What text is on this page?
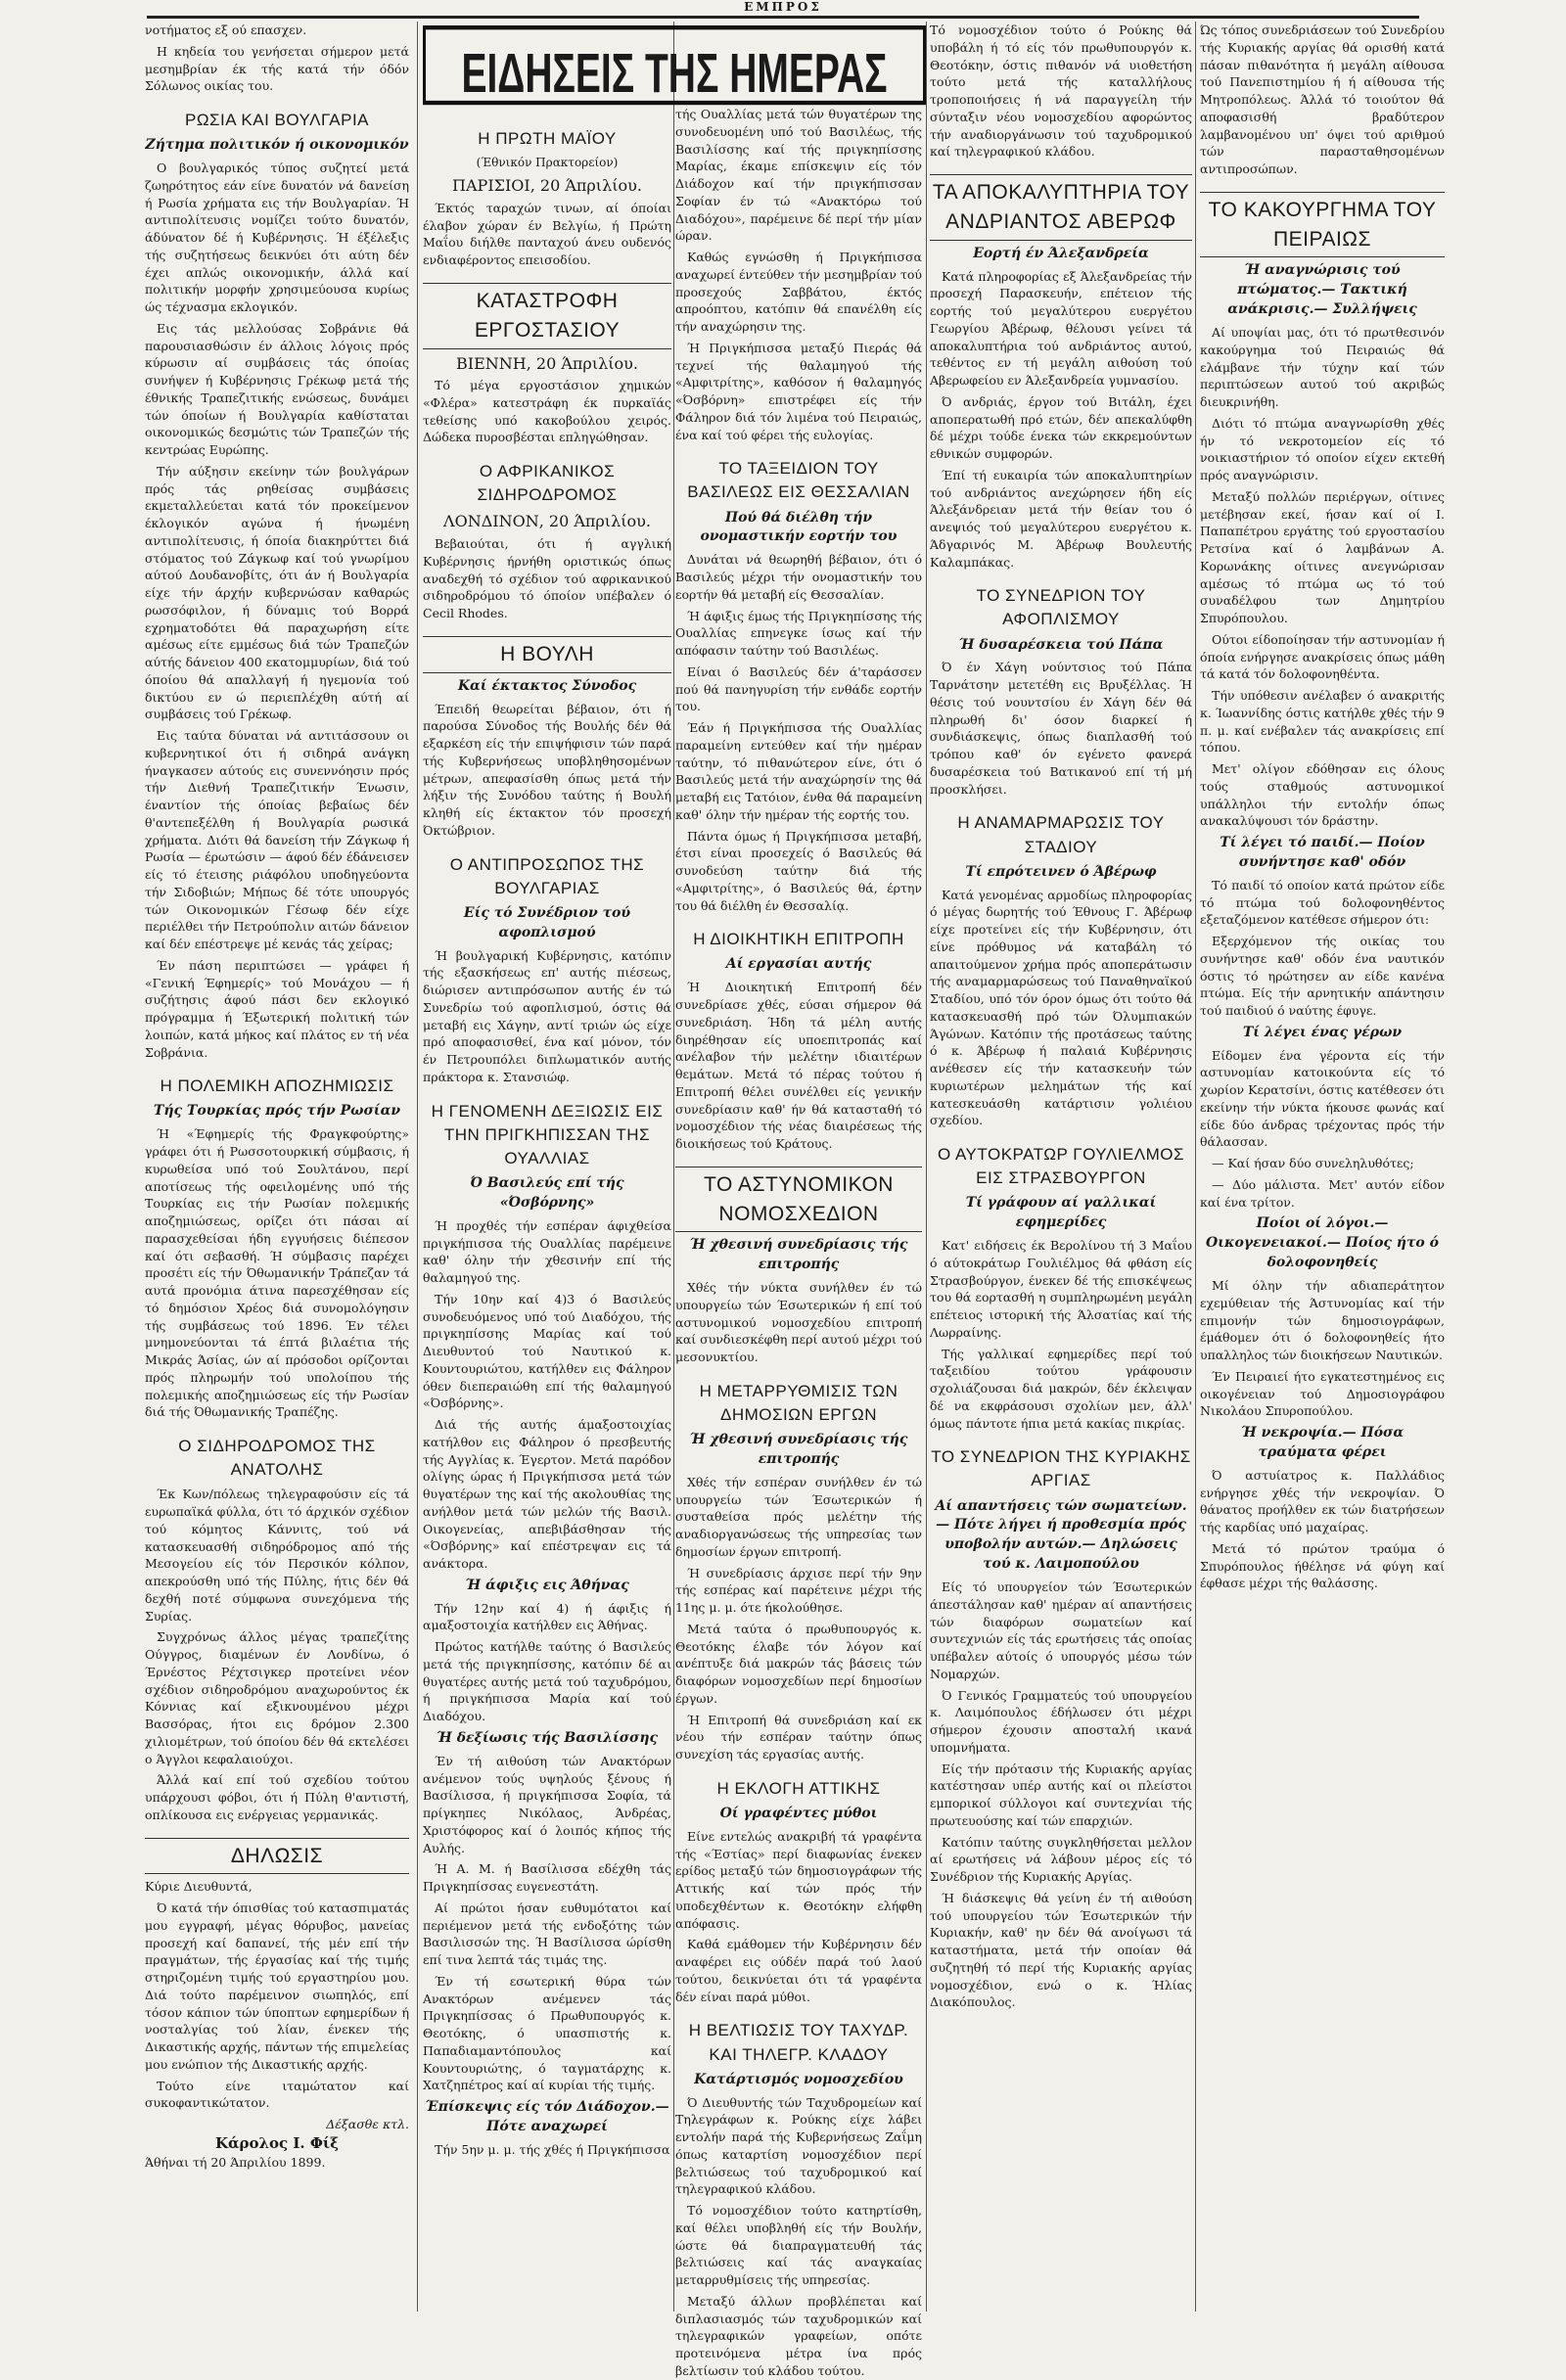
ΕΜΠΡΟΣ

νοτήματος εξ ού επασχεν.

Η κηδεία του γενήσεται σήμερον μετά μεσημβρίαν έκ τής κατά τήν όδόν Σόλωνος οικίας του.

ΡΩΣΙΑ ΚΑΙ ΒΟΥΛΓΑΡΙΑ
Ζήτημα πολιτικόν ή οικονομικόν

Ο βουλγαρικός τύπος συζητεί μετά ζωηρότητος εάν είνε δυνατόν νά δανείση ή Ρωσία χρήματα εις τήν Βουλγαρίαν. Ή αντιπολίτευσις νομίζει τούτο δυνατόν, άδύνατον δέ ή Κυβέρνησις. Ή έξέλεξις τής συζητήσεως δεικνύει ότι αύτη δέν έχει απλώς οικονομικήν, άλλά καί πολιτικήν μορφήν χρησιμεύουσα κυρίως ώς τέχνασμα εκλογικόν.

Εις τάς μελλούσας Σοβράνιε θά παρουσιασθώσιν έν άλλοις λόγοις πρός κύρωσιν αί συμβάσεις τάς όποίας συνήψεν ή Κυβέρνησις Γρέκωφ μετά τής έθνικής Τραπεζιτικής ενώσεως, δυνάμει τών όποίων ή Βουλγαρία καθίσταται οικονομικώς δεσμώτις τών Τραπεζών τής κεντρώας Ευρώπης.

Τήν αύξησιν εκείνην τών βουλγάρων πρός τάς ρηθείσας συμβάσεις εκμεταλλεύεται κατά τόν προκείμενον έκλογικόν αγώνα ή ήνωμένη αντιπολίτευσις, ή όποία διακηρύττει διά στόματος τού Ζάγκωφ καί τού γνωρίμου αύτού Δουδανοβίτς, ότι άν ή Βουλγαρία είχε τήν άρχήν κυβερνώσαν καθαρώς ρωσσόφιλον, ή δύναμις τού Βορρά εχρηματοδότει θά παραχωρήση είτε αμέσως είτε εμμέσως διά τών Τραπεζών αύτής δάνειον 400 εκατομμυρίων, διά τού όποίου θά απαλλαγή ή ηγεμονία τού δικτύου εν ώ περιεπλέχθη αύτή αί συμβάσεις τού Γρέκωφ.

Εις ταύτα δύναται νά αντιτάσσουν οι κυβερνητικοί ότι ή σιδηρά ανάγκη ήναγκασεν αύτούς εις συνεννόησιν πρός τήν Διεθνή Τραπεζιτικήν Ένωσιν, έναντίον τής όποίας βεβαίως δέν θ'αντεπεξέλθη ή Βουλγαρία ρωσικά χρήματα. Διότι θά δανείση τήν Ζάγκωφ ή Ρωσία — έρωτώσιν — άφού δέν έδάνεισεν είς τό έτεισης ριάφόλου υποδηγεύοντα τήν Σιδοβιών; Μήπως δέ τότε υπουργός τών Οικονομικών Γέσωφ δέν είχε περιέλθει τήν Πετρούπολιν αιτών δάνειον καί δέν επέστρεψε μέ κενάς τάς χείρας;

Έν πάση περιπτώσει — γράφει ή «Γενική Έφημερίς» τού Μονάχου — ή συζήτησις άφού πάσι δεν εκλογικό πρόγραμμα ή Έξωτερική πολιτική τών λοιπών, κατά μήκος καί πλάτος εν τή νέα Σοβράνια.

Η ΠΟΛΕΜΙΚΗ ΑΠΟΖΗΜΙΩΣΙΣ
Τής Τουρκίας πρός τήν Ρωσίαν

Ή «Έφημερίς τής Φραγκφούρτης» γράφει ότι ή Ρωσσοτουρκική σύμβασις, ή κυρωθείσα υπό τού Σουλτάνου, περί αποτίσεως τής οφειλομένης υπό τής Τουρκίας εις τήν Ρωσίαν πολεμικής αποζημιώσεως, ορίζει ότι πάσαι αί παρασχεθείσαι ήδη εγγυήσεις διέπεσον καί ότι σεβασθή. Ή σύμβασις παρέχει προσέτι είς τήν Όθωμανικήν Τράπεζαν τά αυτά προνόμια άτινα παρεσχέθησαν είς τό δημόσιον Χρέος διά συνομολόγησιν τής συμβάσεως τού 1896. Έν τέλει μνημονεύονται τά έπτά βιλαέτια τής Μικράς Άσίας, ών αί πρόσοδοι ορίζονται πρός πληρωμήν τού υπολοίπου τής πολεμικής αποζημιώσεως είς τήν Ρωσίαν διά τής Όθωμανικής Τραπέζης.

Ο ΣΙΔΗΡΟΔΡΟΜΟΣ ΤΗΣ ΑΝΑΤΟΛΗΣ

Έκ Κων/πόλεως τηλεγραφούσιν είς τά ευρωπαϊκά φύλλα, ότι τό άρχικόν σχέδιον τού κόμητος Κάννιτς, τού νά κατασκευασθή σιδηρόδρομος από τής Μεσογείου είς τόν Περσικόν κόλπον, απεκρούσθη υπό τής Πύλης, ήτις δέν θά δεχθή ποτέ σύμφωνα συνεχόμενα τής Συρίας.

Συγχρόνως άλλος μέγας τραπεζίτης Ούγγρος, διαμένων έν Λονδίνω, ό Έρνέστος Ρέχτσιγκερ προτείνει νέον σχέδιον σιδηροδρόμου αναχωρούντος έκ Κόννιας καί εξικνουμένου μέχρι Βασσόρας, ήτοι εις δρόμον 2.300 χιλιομέτρων, τού όποίου δέν θά εκτελέσει ο Άγγλοι κεφαλαιούχοι.

Άλλά καί επί τού σχεδίου τούτου υπάρχουσι φόβοι, ότι ή Πύλη θ'αντιστή, οπλίκουσα εις ενέργειας γερμανικάς.

ΔΗΛΩΣΙΣ

Κύριε Διευθυντά,

Ό κατά τήν όπισθίας τού κατασπιματάς μου εγγραφή, μέγας θόρυβος, μανείας προσεχή καί δαπανεί, τής μέν επί τήν πραγμάτων, τής έργασίας καί τής τιμής στηριζομένη τιμής τού εργαστηρίου μου. Διά τούτο παρέμεινον σιωπηλός, επί τόσον κάπιον τών ύποπτων εφημερίδων ή νοσταλγίας τού λίαν, ένεκεν τής Δικαστικής αρχής, πάντων τής επιμελείας μου ενώπιον τής Δικαστικής αρχής.

Τούτο είνε ιταμώτατον καί συκοφαντικώτατον.

Δέξασθε κτλ.
Κάρολος Ι. Φίξ
Άθήναι τή 20 Άπριλίου 1899.
ΕΙΔΗΣΕΙΣ ΤΗΣ ΗΜΕΡΑΣ
Η ΠΡΩΤΗ ΜΑΪΟΥ
(Έθνικόν Πρακτορείον)
ΠΑΡΙΣΙΟΙ, 20 Άπριλίου.

Έκτός ταραχών τινων, αί όποίαι έλαβον χώραν έν Βελγίω, ή Πρώτη Μαΐου διήλθε πανταχού άνευ ουδενός ενδιαφέροντος επεισοδίου.

ΚΑΤΑΣΤΡΟΦΗ ΕΡΓΟΣΤΑΣΙΟΥ
ΒΙΕΝΝΗ, 20 Άπριλίου.

Τό μέγα εργοστάσιον χημικών «Φλέρα» κατεστράφη έκ πυρκαϊάς τεθείσης υπό κακοβούλου χειρός. Δώδεκα πυροσβέσται επληγώθησαν.

Ο ΑΦΡΙΚΑΝΙΚΟΣ ΣΙΔΗΡΟΔΡΟΜΟΣ
ΛΟΝΔΙΝΟΝ, 20 Άπριλίου.

Βεβαιούται, ότι ή αγγλική Κυβέρνησις ήρνήθη οριστικώς όπως αναδεχθή τό σχέδιον τού αφρικανικού σιδηροδρόμου τό όποίον υπέβαλεν ό Cecil Rhodes.

Η ΒΟΥΛΗ
Καί έκτακτος Σύνοδος

Έπειδή θεωρείται βέβαιον, ότι ή παρούσα Σύνοδος τής Βουλής δέν θά εξαρκέση είς τήν επιψήφισιν τών παρά τής Κυβερνήσεως υποβληθησομένων μέτρων, απεφασίσθη όπως μετά τήν λήξιν τής Συνόδου ταύτης ή Βουλή κληθή είς έκτακτον τόν προσεχή Όκτώβριον.

Ο ΑΝΤΙΠΡΟΣΩΠΟΣ ΤΗΣ ΒΟΥΛΓΑΡΙΑΣ
Είς τό Συνέδριον τού αφοπλισμού

Ή βουλγαρική Κυβέρνησις, κατόπιν τής εξασκήσεως επ' αυτής πιέσεως, διώρισεν αντιπρόσωπον αυτής έν τώ Συνεδρίω τού αφοπλισμού, όστις θά μεταβή εις Χάγην, αντί τριών ώς είχε πρό αποφασισθεί, ένα καί μόνον, τόν έν Πετρουπόλει διπλωματικόν αυτής πράκτορα κ. Στανσιώφ.

Η ΓΕΝΟΜΕΝΗ ΔΕΞΙΩΣΙΣ ΕΙΣ ΤΗΝ ΠΡΙΓΚΗΠΙΣΣΑΝ ΤΗΣ ΟΥΑΛΛΙΑΣ
Ό Βασιλεύς επί τής «Όσβόρνης»

Ή προχθές τήν εσπέραν άφιχθείσα πριγκήπισσα τής Ουαλλίας παρέμεινε καθ' όλην τήν χθεσινήν επί τής θαλαμηγού της.

Τήν 10ην καί 4)3 ό Βασιλεύς συνοδευόμενος υπό τού Διαδόχου, τής πριγκηπίσσης Μαρίας καί τού Διευθυντού τού Ναυτικού κ. Κουντουριώτου, κατήλθεν εις Φάληρον όθεν διεπεραιώθη επί τής θαλαμηγού «Όσβόρνης».

Διά τής αυτής άμαξοστοιχίας κατήλθον εις Φάληρον ό πρεσβευτής τής Αγγλίας κ. Έγερτον. Μετά παρόδον ολίγης ώρας ή Πριγκήπισσα μετά τών θυγατέρων της καί τής ακολουθίας της ανήλθον μετά τών μελών τής Βασιλ. Οικογενείας, απεβιβάσθησαν τής «Όσβόρνης» καί επέστρεψαν εις τά ανάκτορα.

Ή άφιξις εις Άθήνας

Τήν 12ην καί 4) ή άφιξις ή αμαξοστοιχία κατήλθεν εις Άθήνας.

Πρώτος κατήλθε ταύτης ό Βασιλεύς μετά τής πριγκηπίσσης, κατόπιν δέ αι θυγατέρες αυτής μετά τού ταχυδρόμου, ή πριγκήπισσα Μαρία καί τού Διαδόχου.

Ή δεξίωσις τής Βασιλίσσης

Έν τή αιθούση τών Ανακτόρων ανέμενον τούς υψηλούς ξένους ή Βασίλισσα, ή πριγκήπισσα Σοφία, τά πρίγκηπες Νικόλαος, Άνδρέας, Χριστόφορος καί ό λοιπός κήπος τής Αυλής.

Ή Α. Μ. ή Βασίλισσα εδέχθη τάς Πριγκηπίσσας ευγενεστάτη.

Αί πρώτοι ήσαν ευθυμότατοι καί περιέμενον μετά τής ενδοξότης τών Βασιλισσών της. Ή Βασίλισσα ώρίσθη επί τινα λεπτά τάς τιμάς της.

Έν τή εσωτερική θύρα τών Ανακτόρων ανέμενεν τάς Πριγκηπίσσας ό Πρωθυπουργός κ. Θεοτόκης, ό υπασπιστής κ. Παπαδιαμαντόπουλος καί Κουντουριώτης, ό ταγματάρχης κ. Χατζηπέτρος καί αί κυρίαι τής τιμής.

Έπίσκεψις είς τόν Διάδοχον.— Πότε αναχωρεί

Τήν 5ην μ. μ. τής χθές ή Πριγκήπισσα

τής Ουαλλίας μετά τών θυγατέρων της συνοδευομένη υπό τού Βασιλέως, τής Βασιλίσσης καί τής πριγκηπίσσης Μαρίας, έκαμε επίσκεψιν είς τόν Διάδοχον καί τήν πριγκήπισσαν Σοφίαν έν τώ «Ανακτόρω τού Διαδόχου», παρέμεινε δέ περί τήν μίαν ώραν.

Καθώς εγνώσθη ή Πριγκήπισσα αναχωρεί έντεύθεν τήν μεσημβρίαν τού προσεχούς Σαββάτου, έκτός απροόπτου, κατόπιν θά επανέλθη είς τήν αναχώρησιν της.

Ή Πριγκήπισσα μεταξύ Πιεράς θά τεχνεί τής θαλαμηγού τής «Αμφιτρίτης», καθόσον ή θαλαμηγός «Όσβόρνη» επιστρέφει είς τήν Φάληρον διά τόν λιμένα τού Πειραιώς, ένα καί τού φέρει τής ευλογίας.

ΤΟ ΤΑΞΕΙΔΙΟΝ ΤΟΥ ΒΑΣΙΛΕΩΣ ΕΙΣ ΘΕΣΣΑΛΙΑΝ
Πού θά διέλθη τήν ονομαστικήν εορτήν του

Δυνάται νά θεωρηθή βέβαιον, ότι ό Βασιλεύς μέχρι τήν ονομαστικήν του εορτήν θά μεταβή είς Θεσσαλίαν.

Ή άφιξις έμως τής Πριγκηπίσσης τής Ουαλλίας επηνεγκε ίσως καί τήν απόφασιν ταύτην τού Βασιλέως.

Είναι ό Βασιλεύς δέν ά'ταράσσεν πού θά πανηγυρίση τήν ενθάδε εορτήν του.

Έάν ή Πριγκήπισσα τής Ουαλλίας παραμείνη εντεύθεν καί τήν ημέραν ταύτην, τό πιθανώτερον είνε, ότι ό Βασιλεύς μετά τήν αναχώρησίν της θά μεταβή εις Τατόιον, ένθα θά παραμείνη καθ' όλην τήν ημέραν τής εορτής του.

Πάντα όμως ή Πριγκήπισσα μεταβή, έτσι είναι προσεχείς ό Βασιλεύς θά συνοδεύση ταύτην διά τής «Αμφιτρίτης», ό Βασιλεύς θά, έρτην του θά διέλθη έν Θεσσαλίᾳ.

Η ΔΙΟΙΚΗΤΙΚΗ ΕΠΙΤΡΟΠΗ
Αί εργασίαι αυτής

Ή Διοικητική Επιτροπή δέν συνεδρίασε χθές, εύσαι σήμερον θά συνεδριάση. Ήδη τά μέλη αυτής διηρέθησαν είς υποεπιτροπάς καί ανέλαβον τήν μελέτην ιδιαιτέρων θεμάτων. Μετά τό πέρας τούτου ή Επιτροπή θέλει συνέλθει είς γενικήν συνεδρίασιν καθ' ήν θά κατασταθή τό νομοσχέδιον τής νέας διαιρέσεως τής διοικήσεως τού Κράτους.

ΤΟ ΑΣΤΥΝΟΜΙΚΟΝ ΝΟΜΟΣΧΕΔΙΟΝ
Ή χθεσινή συνεδρίασις τής επιτροπής

Χθές τήν νύκτα συνήλθεν έν τώ υπουργείω τών Έσωτερικών ή επί τού αστυνομικού νομοσχεδίου επιτροπή καί συνδιεσκέφθη περί αυτού μέχρι τού μεσονυκτίου.

Η ΜΕΤΑΡΡΥΘΜΙΣΙΣ ΤΩΝ ΔΗΜΟΣΙΩΝ ΕΡΓΩΝ
Ή χθεσινή συνεδρίασις τής επιτροπής

Χθές τήν εσπέραν συνήλθεν έν τώ υπουργείω τών Έσωτερικών ή συσταθείσα πρός μελέτην τής αναδιοργανώσεως τής υπηρεσίας των δημοσίων έργων επιτροπή.

Ή συνεδρίασις άρχισε περί τήν 9ην τής εσπέρας καί παρέτεινε μέχρι τής 11ης μ. μ. ότε ήκολούθησε.

Μετά ταύτα ό πρωθυπουργός κ. Θεοτόκης έλαβε τόν λόγον καί ανέπτυξε διά μακρών τάς βάσεις τών διαφόρων νομοσχεδίων περί δημοσίων έργων.

Ή Επιτροπή θά συνεδριάση καί εκ νέου τήν εσπέραν ταύτην όπως συνεχίση τάς εργασίας αυτής.

Η ΕΚΛΟΓΗ ΑΤΤΙΚΗΣ
Οί γραφέντες μύθοι

Είνε εντελώς ανακριβή τά γραφέντα τής «Έστίας» περί διαφωνίας ένεκεν ερίδος μεταξύ τών δημοσιογράφων τής Αττικής καί τών πρός τήν υποδεχθέντων κ. Θεοτόκην ελήφθη απόφασις.

Καθά εμάθομεν τήν Κυβέρνησιν δέν αναφέρει εις ούδέν παρά τού λαού τούτου, δεικνύεται ότι τά γραφέντα δέν είναι παρά μύθοι.

Η ΒΕΛΤΙΩΣΙΣ ΤΟΥ ΤΑΧΥΔΡ. ΚΑΙ ΤΗΛΕΓΡ. ΚΛΑΔΟΥ
Κατάρτισμός νομοσχεδίου

Ό Διευθυντής τών Ταχυδρομείων καί Τηλεγράφων κ. Ρούκης είχε λάβει εντολήν παρά τής Κυβερνήσεως Ζαΐμη όπως καταρτίση νομοσχέδιον περί βελτιώσεως τού ταχυδρομικού καί τηλεγραφικού κλάδου.

Τό νομοσχέδιον τούτο κατηρτίσθη, καί θέλει υποβληθή είς τήν Βουλήν, ώστε θά διαπραγματευθή τάς βελτιώσεις καί τάς αναγκαίας μεταρρυθμίσεις τής υπηρεσίας.

Μεταξύ άλλων προβλέπεται καί διπλασιασμός τών ταχυδρομικών καί τηλεγραφικών γραφείων, οπότε προτεινόμενα μέτρα ίνα πρός βελτίωσιν τού κλάδου τούτου.

Τό νομοσχέδιον τούτο ό Ρούκης θά υποβάλη ή τό είς τόν πρωθυπουργόν κ. Θεοτόκην, όστις πιθανόν νά υιοθετήση τούτο μετά τής καταλλήλους τροποποιήσεις ή νά παραγγείλη τήν σύνταξιν νέου νομοσχεδίου αφορώντος τήν αναδιοργάνωσιν τού ταχυδρομικού καί τηλεγραφικού κλάδου.

ΤΑ ΑΠΟΚΑΛΥΠΤΗΡΙΑ ΤΟΥ ΑΝΔΡΙΑΝΤΟΣ ΑΒΕΡΩΦ
Εορτή έν Άλεξανδρεία

Κατά πληροφορίας εξ Άλεξανδρείας τήν προσεχή Παρασκευήν, επέτειον τής εορτής τού μεγαλύτερου ευεργέτου Γεωργίου Άβέρωφ, θέλουσι γείνει τά αποκαλυπτήρια τού ανδριάντος αυτού, τεθέντος εν τή μεγάλη αιθούση τού Αβερωφείου εν Άλεξανδρεία γυμνασίου.

Ό ανδριάς, έργον τού Βιτάλη, έχει αποπερατωθή πρό ετών, δέν απεκαλύφθη δέ μέχρι τούδε ένεκα τών εκκρεμούντων εθνικών συμφορών.

Έπί τή ευκαιρία τών αποκαλυπτηρίων τού ανδριάντος ανεχώρησεν ήδη είς Άλεξάνδρειαν μετά τήν θείαν του ό ανεψιός τού μεγαλύτερου ευεργέτου κ. Άδγαρινός Μ. Άβέρωφ Βουλευτής Καλαμπάκας.

ΤΟ ΣΥΝΕΔΡΙΟΝ ΤΟΥ ΑΦΟΠΛΙΣΜΟΥ
Ή δυσαρέσκεια τού Πάπα

Ό έν Χάγη νούντσιος τού Πάπα Ταρνάτσην μετετέθη εις Βρυξέλλας. Ή θέσις τού νουντσίου έν Χάγη δέν θά πληρωθή δι' όσον διαρκεί ή συνδιάσκεψις, όπως διαπλασθή τού τρόπου καθ' όν εγένετο φανερά δυσαρέσκεια τού Βατικανού επί τή μή προσκλήσει.

Η ΑΝΑΜΑΡΜΑΡΩΣΙΣ ΤΟΥ ΣΤΑΔΙΟΥ
Τί επρότεινεν ό Άβέρωφ

Κατά γενομένας αρμοδίως πληροφορίας ό μέγας δωρητής τού Έθνους Γ. Άβέρωφ είχε προτείνει είς τήν Κυβέρνησιν, ότι είνε πρόθυμος νά καταβάλη τό απαιτούμενον χρήμα πρός αποπεράτωσιν τής αναμαρμαρώσεως τού Παναθηναϊκού Σταδίου, υπό τόν όρον όμως ότι τούτο θά κατασκευασθή πρό τών Όλυμπιακών Άγώνων. Κατόπιν τής προτάσεως ταύτης ό κ. Άβέρωφ ή παλαιά Κυβέρνησις ανέθεσεν είς τήν κατασκευήν τών κυριωτέρων μελημάτων τής καί κατεσκευάσθη κατάρτισιν γολιέιου σχεδίου.

Ο ΑΥΤΟΚΡΑΤΩΡ ΓΟΥΛΙΕΛΜΟΣ ΕΙΣ ΣΤΡΑΣΒΟΥΡΓΟΝ
Τί γράφουν αί γαλλικαί εφημερίδες

Κατ' ειδήσεις έκ Βερολίνου τή 3 Μαΐου ό αύτοκράτωρ Γουλιέλμος θά φθάση είς Στρασβούργον, ένεκεν δέ τής επισκέψεως του θά εορτασθή η συμπληρωμένη μεγάλη επέτειος ιστορική τής Άλσατίας καί τής Λωρραίνης.

Τής γαλλικαί εφημερίδες περί τού ταξειδίου τούτου γράφουσιν σχολιάζουσαι διά μακρών, δέν έκλειψαν δέ να εκφράσουσι σχολίων μεν, άλλ' όμως πάντοτε ήπια μετά κακίας πικρίας.

ΤΟ ΣΥΝΕΔΡΙΟΝ ΤΗΣ ΚΥΡΙΑΚΗΣ ΑΡΓΙΑΣ
Αί απαντήσεις τών σωματείων.— Πότε λήγει ή προθεσμία πρός υποβολήν αυτών.— Δηλώσεις τού κ. Λαιμοπούλου

Είς τό υπουργείον τών Έσωτερικών άπεστάλησαν καθ' ημέραν αί απαντήσεις τών διαφόρων σωματείων καί συντεχνιών είς τάς ερωτήσεις τάς οποίας υπέβαλεν αύτοίς ό υπουργός μέσω τών Νομαρχών.

Ό Γενικός Γραμματεύς τού υπουργείου κ. Λαιμόπουλος έδήλωσεν ότι μέχρι σήμερον έχουσιν αποσταλή ικανά υπομνήματα.

Είς τήν πρότασιν τής Κυριακής αργίας κατέστησαν υπέρ αυτής καί οι πλείστοι εμπορικοί σύλλογοι καί συντεχνίαι τής πρωτευούσης καί τών επαρχιών.

Κατόπιν ταύτης συγκληθήσεται μελλον αί ερωτήσεις νά λάβουν μέρος είς τό Συνέδριον τής Κυριακής Αργίας.

Ή διάσκεψις θά γείνη έν τή αιθούση τού υπουργείου τών Έσωτερικών τήν Κυριακήν, καθ' ην δέν θά ανοίγωσι τά καταστήματα, μετά τήν οποίαν θά συζητηθή τό περί τής Κυριακής αργίας νομοσχέδιον, ενώ ο κ. Ήλίας Διακόπουλος.

Ώς τόπος συνεδριάσεων τού Συνεδρίου τής Κυριακής αργίας θά ορισθή κατά πάσαν πιθανότητα ή μεγάλη αίθουσα τού Πανεπιστημίου ή ή αίθουσα τής Μητροπόλεως. Άλλά τό τοιούτον θά αποφασισθή βραδύτερον λαμβανομένου υπ' όψει τού αριθμού τών παρασταθησομένων αντιπροσώπων.

ΤΟ ΚΑΚΟΥΡΓΗΜΑ ΤΟΥ ΠΕΙΡΑΙΩΣ
Ή αναγνώρισις τού πτώματος.— Τακτική ανάκρισις.— Συλλήψεις

Αί υποψίαι μας, ότι τό πρωτθεσινόν κακούργημα τού Πειραιώς θά ελάμβανε τήν τύχην καί τών περιπτώσεων αυτού τού ακριβώς διευκρινήθη.

Διότι τό πτώμα αναγνωρίσθη χθές ήν τό νεκροτομείον είς τό νοικιαστήριον τό οποίον είχεν εκτεθή πρός αναγνώρισιν.

Μεταξύ πολλών περιέργων, οίτινες μετέβησαν εκεί, ήσαν καί οί Ι. Παπαπέτρου εργάτης τού εργοστασίου Ρετσίνα καί ό λαμβάνων Α. Κορωνάκης οίτινες ανεγνώρισαν αμέσως τό πτώμα ως τό τού συναδέλφου των Δημητρίου Σπυρόπουλου.

Ούτοι είδοποίησαν τήν αστυνομίαν ή όποία ενήργησε ανακρίσεις όπως μάθη τά κατά τόν δολοφονηθέντα.

Τήν υπόθεσιν ανέλαβεν ό ανακριτής κ. Ίωαννίδης όστις κατήλθε χθές τήν 9 π. μ. καί ενέβαλεν τάς ανακρίσεις επί τόπου.

Μετ' ολίγον εδόθησαν εις όλους τούς σταθμούς αστυνομικοί υπάλληλοι τήν εντολήν όπως ανακαλύψουσι τόν δράστην.

Τί λέγει τό παιδί.— Ποίον συνήντησε καθ' οδόν

Τό παιδί τό οποίον κατά πρώτον είδε τό πτώμα τού δολοφονηθέντος εξεταζόμενον κατέθεσε σήμερον ότι:

Εξερχόμενον τής οικίας του συνήντησε καθ' οδόν ένα ναυτικόν όστις τό ηρώτησεν αν είδε κανένα πτώμα. Είς τήν αρνητικήν απάντησιν τού παιδιού ό ναύτης έφυγε.

Τί λέγει ένας γέρων

Είδομεν ένα γέροντα είς τήν αστυνομίαν κατοικούντα είς τό χωρίον Κερατσίνι, όστις κατέθεσεν ότι εκείνην τήν νύκτα ήκουσε φωνάς καί είδε δύο άνδρας τρέχοντας πρός τήν θάλασσαν.

— Καί ήσαν δύο συνεληλυθότες;

— Δύο μάλιστα. Μετ' αυτόν είδον καί ένα τρίτον.

Ποίοι οί λόγοι.— Οικογενειακοί.— Ποίος ήτο ό δολοφονηθείς

Μί όλην τήν αδιαπεράτητον εχεμύθειαν τής Άστυνομίας καί τήν επιμονήν τών δημοσιογράφων, έμάθομεν ότι ό δολοφονηθείς ήτο υπαλληλος τών διοικήσεων Ναυτικών.

Έν Πειραιεί ήτο εγκατεστημένος εις οικογένειαν τού Δημοσιογράφου Νικολάου Σπυροπούλου.

Ή νεκροψία.— Πόσα τραύματα φέρει

Ό αστυίατρος κ. Παλλάδιος ενήργησε χθές τήν νεκροψίαν. Ό θάνατος προήλθεν εκ τών διατρήσεων τής καρδίας υπό μαχαίρας.

Μετά τό πρώτον τραύμα ό Σπυρόπουλος ήθέλησε νά φύγη καί έφθασε μέχρι τής θαλάσσης.
